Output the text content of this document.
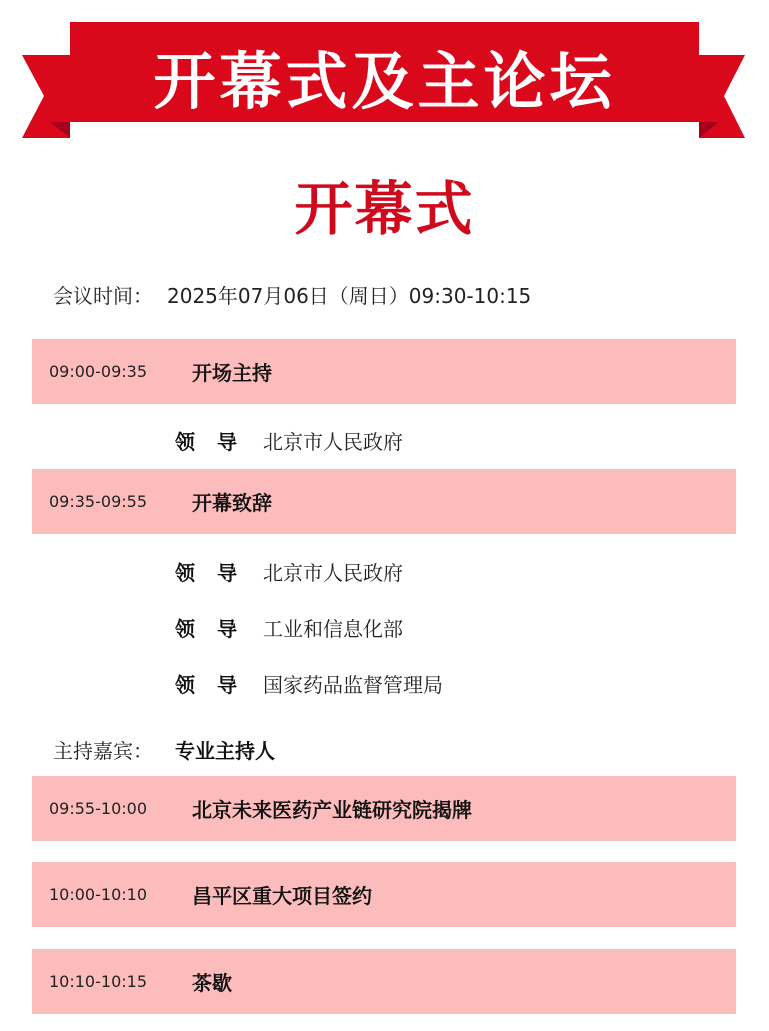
开幕式及主论坛
开幕式
会议时间： 2025年07月06日（周日）09:30-10:15
09:00-09:35	开场主持
领导 北京市人民政府
09:35-09:55	开幕致辞
领导 北京市人民政府
领导 工业和信息化部
领导 国家药品监督管理局
主持嘉宾：	专业主持人
09:55-10:00	北京未来医药产业链研究院揭牌
10:00-10:10	昌平区重大项目签约
10:10-10:15	茶歇
